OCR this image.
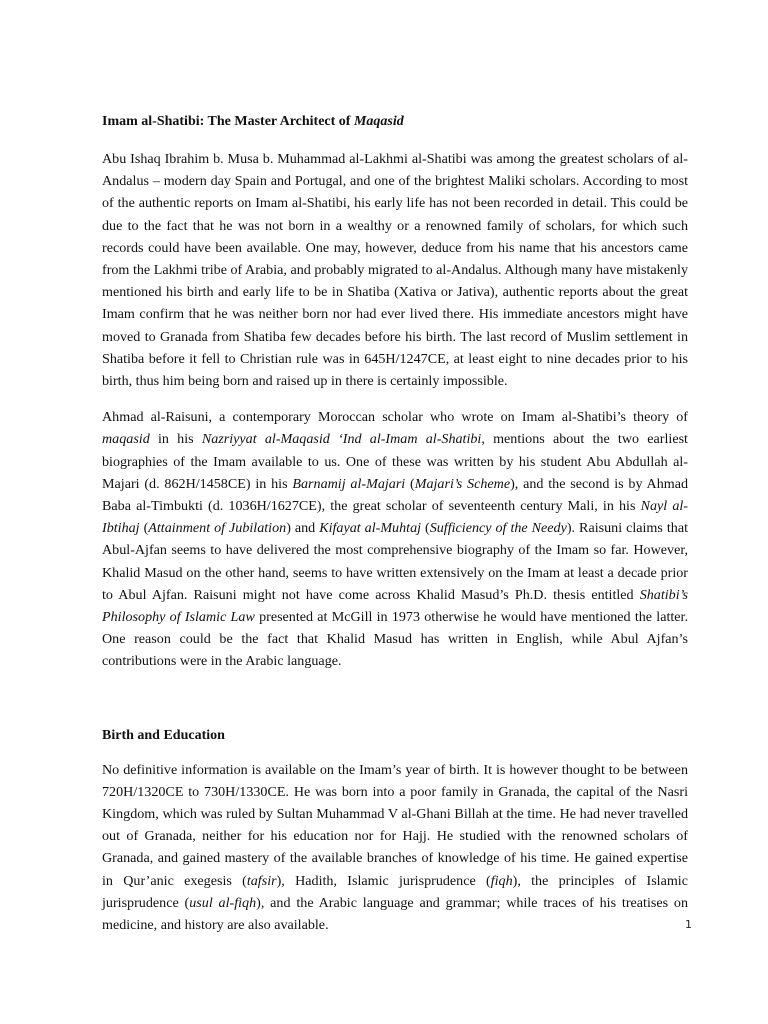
Imam al-Shatibi: The Master Architect of Maqasid

Abu Ishaq Ibrahim b. Musa b. Muhammad al-Lakhmi al-Shatibi was among the greatest scholars of al-Andalus – modern day Spain and Portugal, and one of the brightest Maliki scholars. According to most of the authentic reports on Imam al-Shatibi, his early life has not been recorded in detail. This could be due to the fact that he was not born in a wealthy or a renowned family of scholars, for which such records could have been available. One may, however, deduce from his name that his ancestors came from the Lakhmi tribe of Arabia, and probably migrated to al-Andalus. Although many have mistakenly mentioned his birth and early life to be in Shatiba (Xativa or Jativa), authentic reports about the great Imam confirm that he was neither born nor had ever lived there. His immediate ancestors might have moved to Granada from Shatiba few decades before his birth. The last record of Muslim settlement in Shatiba before it fell to Christian rule was in 645H/1247CE, at least eight to nine decades prior to his birth, thus him being born and raised up in there is certainly impossible.

Ahmad al-Raisuni, a contemporary Moroccan scholar who wrote on Imam al-Shatibi’s theory of maqasid in his Nazriyyat al-Maqasid ‘Ind al-Imam al-Shatibi, mentions about the two earliest biographies of the Imam available to us. One of these was written by his student Abu Abdullah al-Majari (d. 862H/1458CE) in his Barnamij al-Majari (Majari’s Scheme), and the second is by Ahmad Baba al-Timbukti (d. 1036H/1627CE), the great scholar of seventeenth century Mali, in his Nayl al-Ibtihaj (Attainment of Jubilation) and Kifayat al-Muhtaj (Sufficiency of the Needy). Raisuni claims that Abul-Ajfan seems to have delivered the most comprehensive biography of the Imam so far. However, Khalid Masud on the other hand, seems to have written extensively on the Imam at least a decade prior to Abul Ajfan. Raisuni might not have come across Khalid Masud’s Ph.D. thesis entitled Shatibi’s Philosophy of Islamic Law presented at McGill in 1973 otherwise he would have mentioned the latter. One reason could be the fact that Khalid Masud has written in English, while Abul Ajfan’s contributions were in the Arabic language.

Birth and Education

No definitive information is available on the Imam’s year of birth. It is however thought to be between 720H/1320CE to 730H/1330CE. He was born into a poor family in Granada, the capital of the Nasri Kingdom, which was ruled by Sultan Muhammad V al-Ghani Billah at the time. He had never travelled out of Granada, neither for his education nor for Hajj. He studied with the renowned scholars of Granada, and gained mastery of the available branches of knowledge of his time. He gained expertise in Qur’anic exegesis (tafsir), Hadith, Islamic jurisprudence (fiqh), the principles of Islamic jurisprudence (usul al-fiqh), and the Arabic language and grammar; while traces of his treatises on medicine, and history are also available.	1
